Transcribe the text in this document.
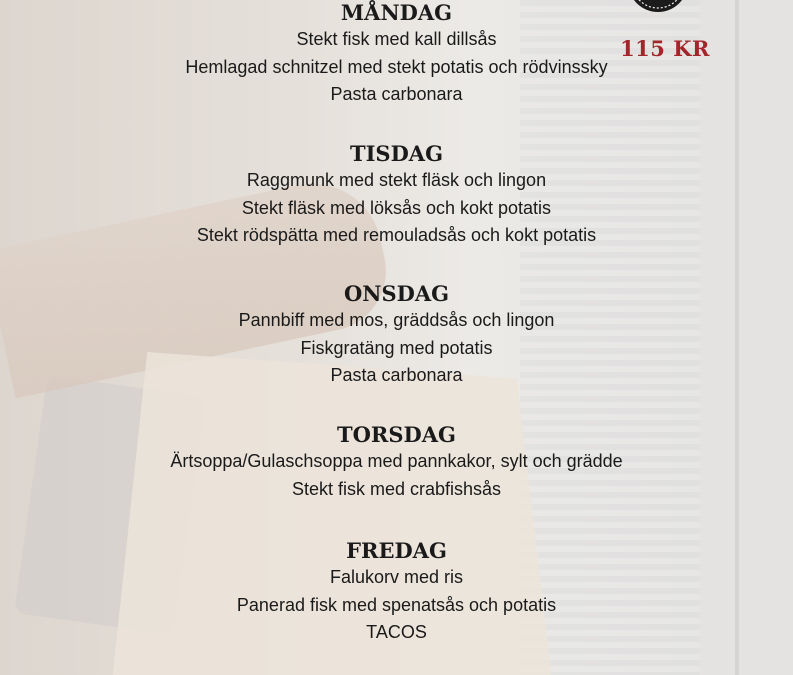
115 KR

MÅNDAG

Stekt fisk med kall dillsås

Hemlagad schnitzel med stekt potatis och rödvinssky

Pasta carbonara

TISDAG

Raggmunk med stekt fläsk och lingon

Stekt fläsk med löksås och kokt potatis

Stekt rödspätta med remouladsås och kokt potatis

ONSDAG

Pannbiff med mos, gräddsås och lingon

Fiskgratäng med potatis

Pasta carbonara

TORSDAG

Ärtsoppa/Gulaschsoppa med pannkakor, sylt och grädde

Stekt fisk med crabfishsås

FREDAG

Falukorv med ris

Panerad fisk med spenatsås och potatis

TACOS
